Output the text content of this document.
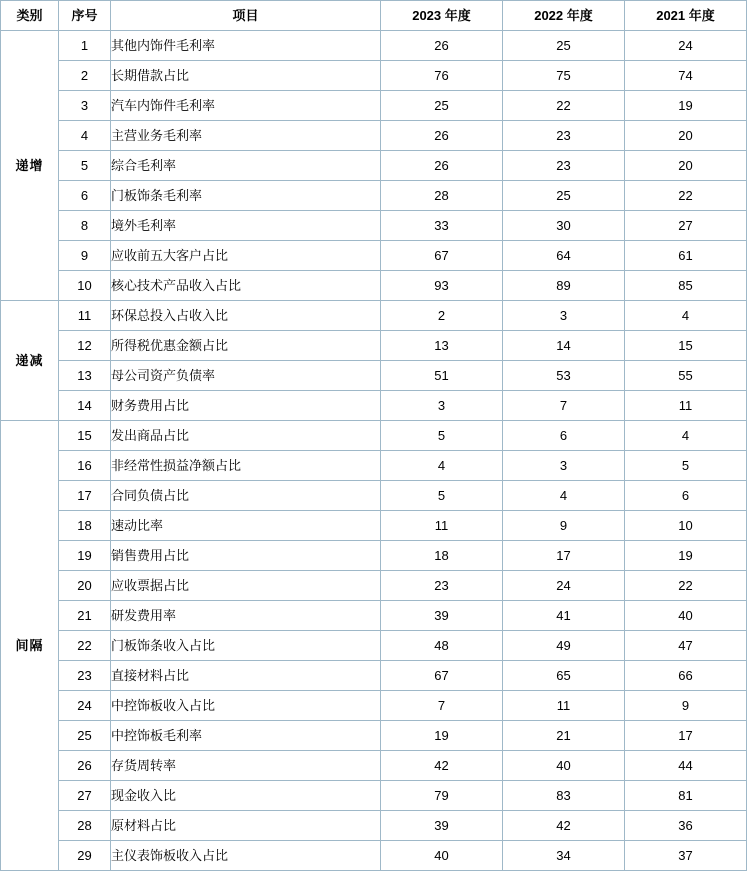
类别	序号	项目	2023 年度	2022 年度	2021 年度
递增	1	其他内饰件毛利率	26	25	24
	2	长期借款占比	76	75	74
	3	汽车内饰件毛利率	25	22	19
	4	主营业务毛利率	26	23	20
	5	综合毛利率	26	23	20
	6	门板饰条毛利率	28	25	22
	8	境外毛利率	33	30	27
	9	应收前五大客户占比	67	64	61
	10	核心技术产品收入占比	93	89	85
递减	11	环保总投入占收入比	2	3	4
	12	所得税优惠金额占比	13	14	15
	13	母公司资产负债率	51	53	55
	14	财务费用占比	3	7	11
间隔	15	发出商品占比	5	6	4
	16	非经常性损益净额占比	4	3	5
	17	合同负债占比	5	4	6
	18	速动比率	11	9	10
	19	销售费用占比	18	17	19
	20	应收票据占比	23	24	22
	21	研发费用率	39	41	40
	22	门板饰条收入占比	48	49	47
	23	直接材料占比	67	65	66
	24	中控饰板收入占比	7	11	9
	25	中控饰板毛利率	19	21	17
	26	存货周转率	42	40	44
	27	现金收入比	79	83	81
	28	原材料占比	39	42	36
	29	主仪表饰板收入占比	40	34	37
